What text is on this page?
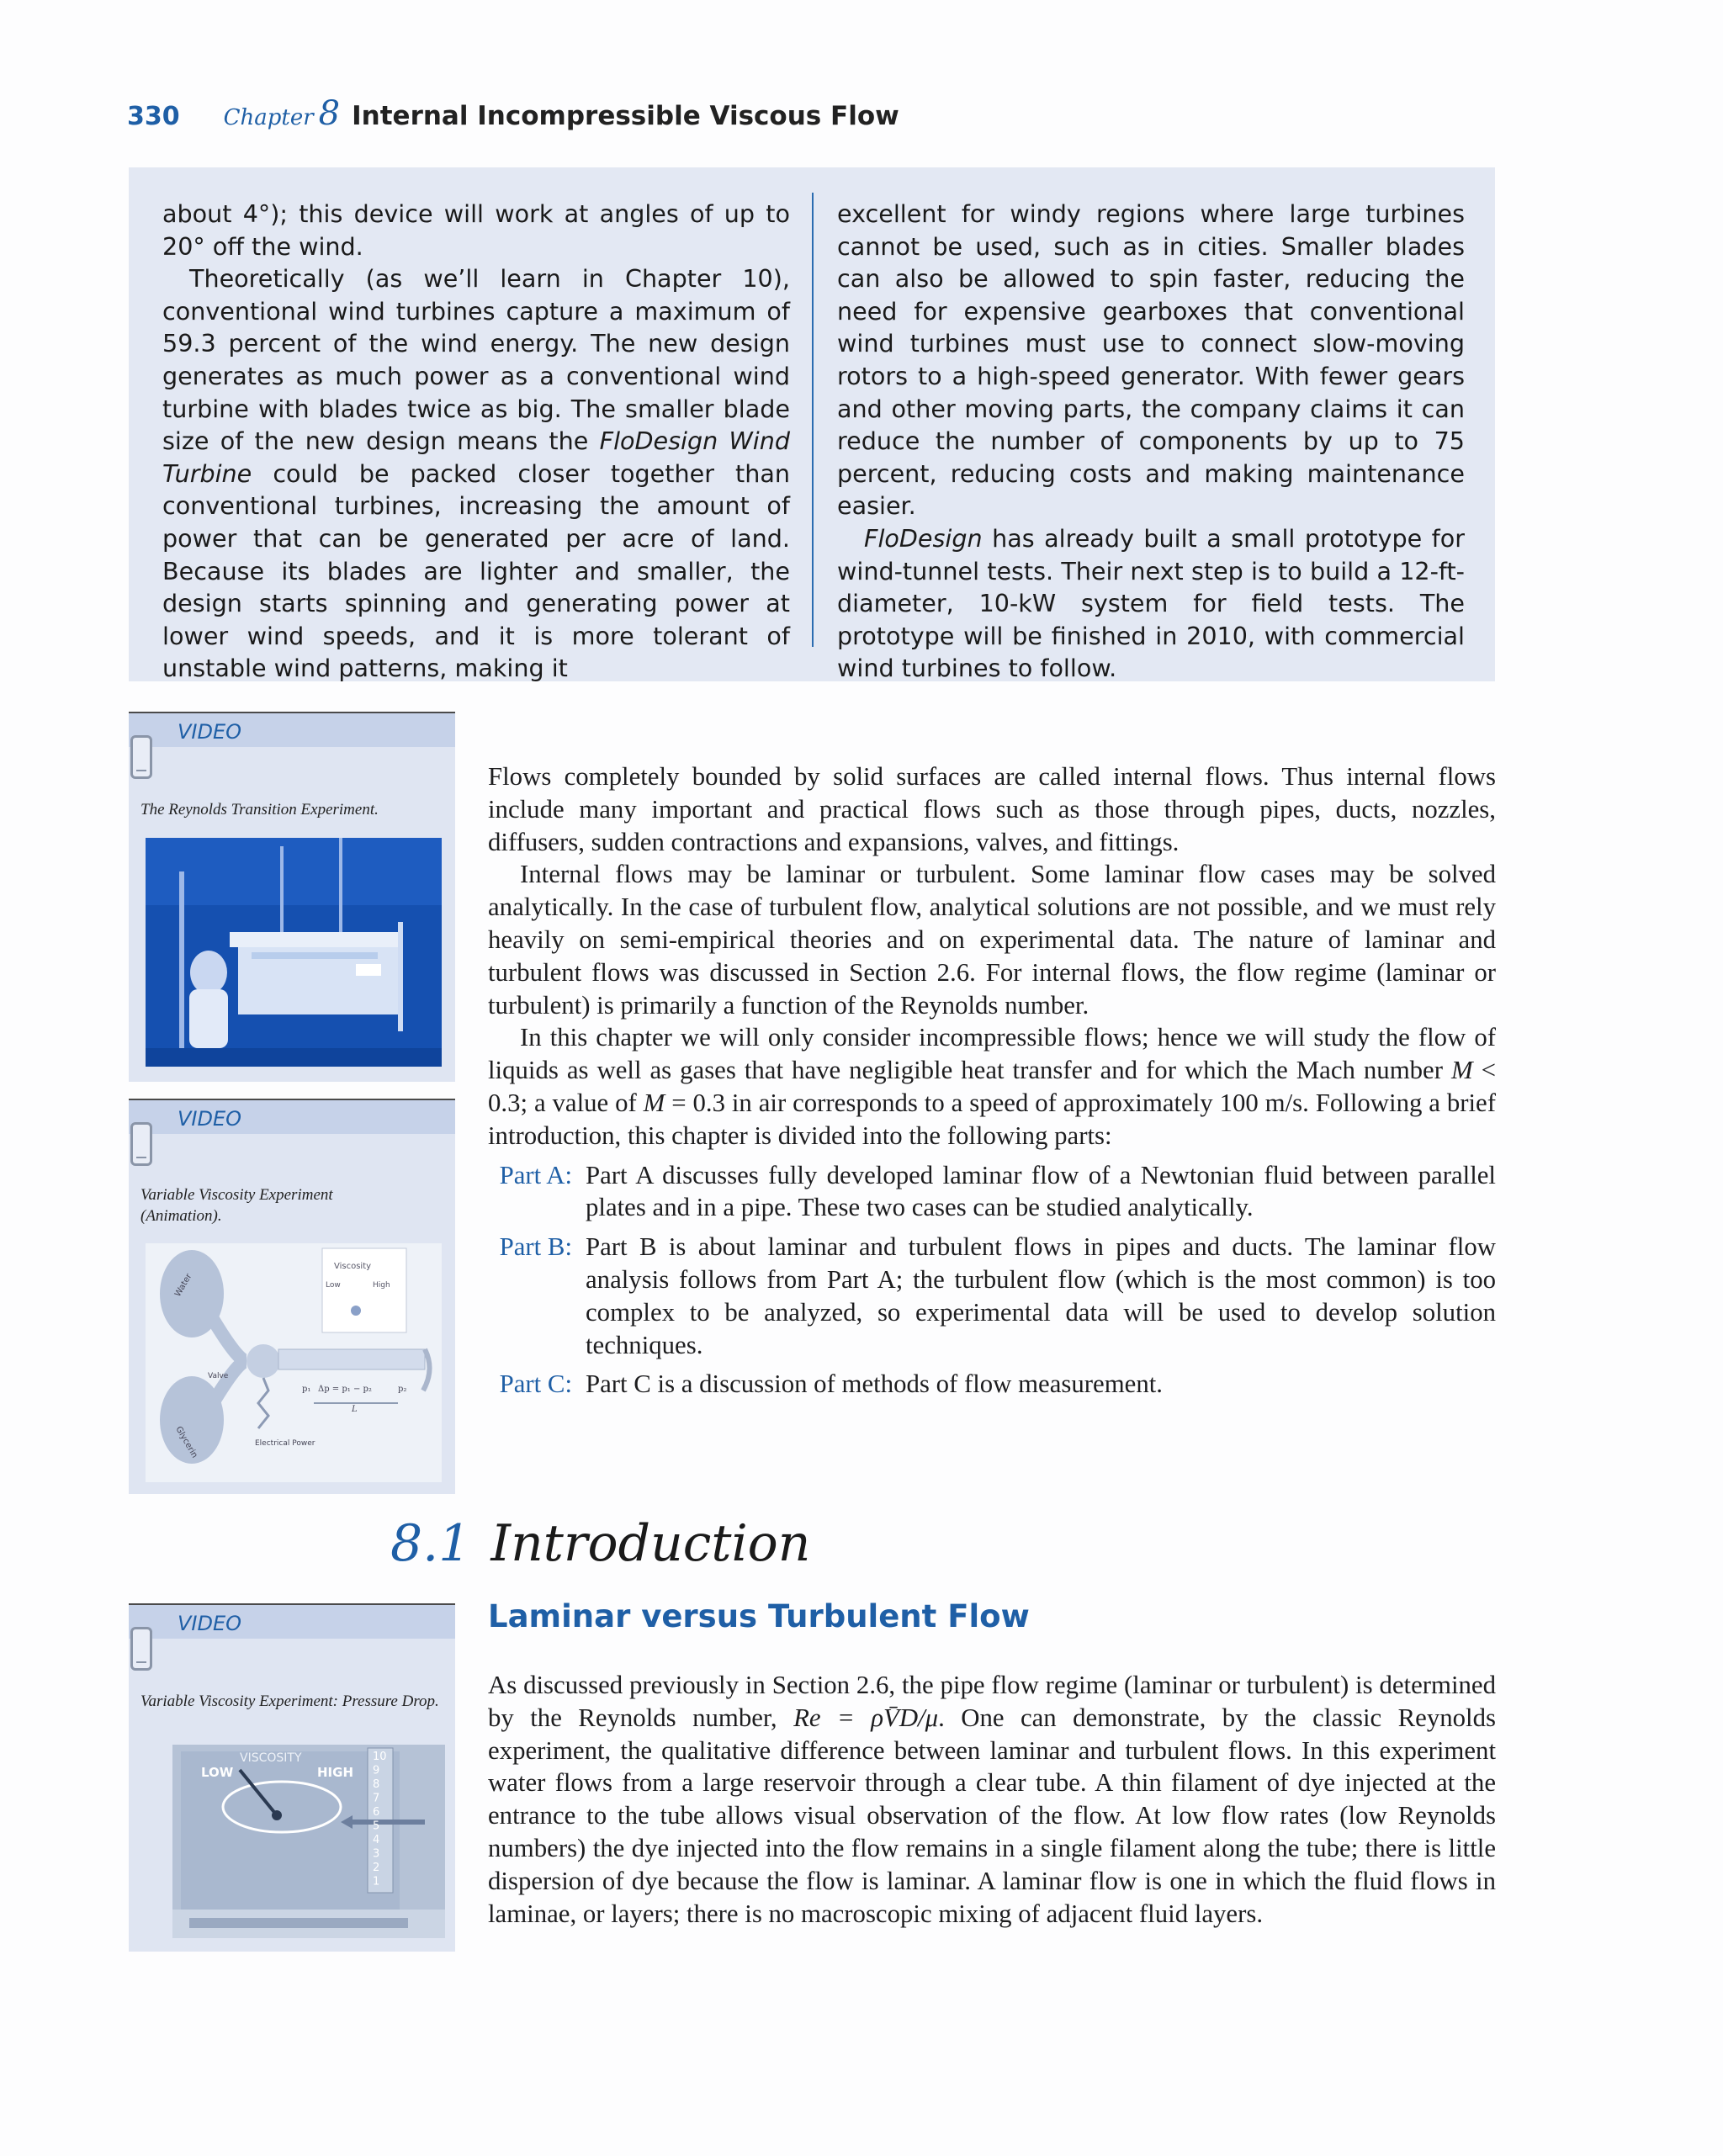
330 Chapter 8 Internal Incompressible Viscous Flow

about 4°); this device will work at angles of up to 20° off the wind.

Theoretically (as we’ll learn in Chapter 10), conventional wind turbines capture a maximum of 59.3 percent of the wind energy. The new design generates as much power as a conventional wind turbine with blades twice as big. The smaller blade size of the new design means the FloDesign Wind Turbine could be packed closer together than conventional turbines, increasing the amount of power that can be generated per acre of land. Because its blades are lighter and smaller, the design starts spinning and generating power at lower wind speeds, and it is more tolerant of unstable wind patterns, making it

excellent for windy regions where large turbines cannot be used, such as in cities. Smaller blades can also be allowed to spin faster, reducing the need for expensive gearboxes that conventional wind turbines must use to connect slow-moving rotors to a high-speed generator. With fewer gears and other moving parts, the company claims it can reduce the number of components by up to 75 percent, reducing costs and making maintenance easier.

FloDesign has already built a small prototype for wind-tunnel tests. Their next step is to build a 12-ft-diameter, 10-kW system for field tests. The prototype will be finished in 2010, with commercial wind turbines to follow.

VIDEO
The Reynolds Transition Experiment.
VIDEO
Variable Viscosity Experiment (Animation).
Viscosity
Low	High
Water
Glycerin
Valve
p₁ Δp = p₁ − p₂	p₂
L
Electrical Power

Flows completely bounded by solid surfaces are called internal flows. Thus internal flows include many important and practical flows such as those through pipes, ducts, nozzles, diffusers, sudden contractions and expansions, valves, and fittings.

Internal flows may be laminar or turbulent. Some laminar flow cases may be solved analytically. In the case of turbulent flow, analytical solutions are not possible, and we must rely heavily on semi-empirical theories and on experimental data. The nature of laminar and turbulent flows was discussed in Section 2.6. For internal flows, the flow regime (laminar or turbulent) is primarily a function of the Reynolds number.

In this chapter we will only consider incompressible flows; hence we will study the flow of liquids as well as gases that have negligible heat transfer and for which the Mach number M < 0.3; a value of M = 0.3 in air corresponds to a speed of approximately 100 m/s. Following a brief introduction, this chapter is divided into the following parts:

Part A: Part A discusses fully developed laminar flow of a Newtonian fluid between parallel plates and in a pipe. These two cases can be studied analytically.
Part B: Part B is about laminar and turbulent flows in pipes and ducts. The laminar flow analysis follows from Part A; the turbulent flow (which is the most common) is too complex to be analyzed, so experimental data will be used to develop solution techniques.
Part C: Part C is a discussion of methods of flow measurement.
8.1 Introduction
Laminar versus Turbulent Flow
VIDEO
Variable Viscosity Experiment: Pressure Drop.
VISCOSITY
LOW	HIGH
10
9
8
7
6
5
4
3
2
1

As discussed previously in Section 2.6, the pipe flow regime (laminar or turbulent) is determined by the Reynolds number, Re = ρV̄D/μ. One can demonstrate, by the classic Reynolds experiment, the qualitative difference between laminar and turbulent flows. In this experiment water flows from a large reservoir through a clear tube. A thin filament of dye injected at the entrance to the tube allows visual observation of the flow. At low flow rates (low Reynolds numbers) the dye injected into the flow remains in a single filament along the tube; there is little dispersion of dye because the flow is laminar. A laminar flow is one in which the fluid flows in laminae, or layers; there is no macroscopic mixing of adjacent fluid layers.
